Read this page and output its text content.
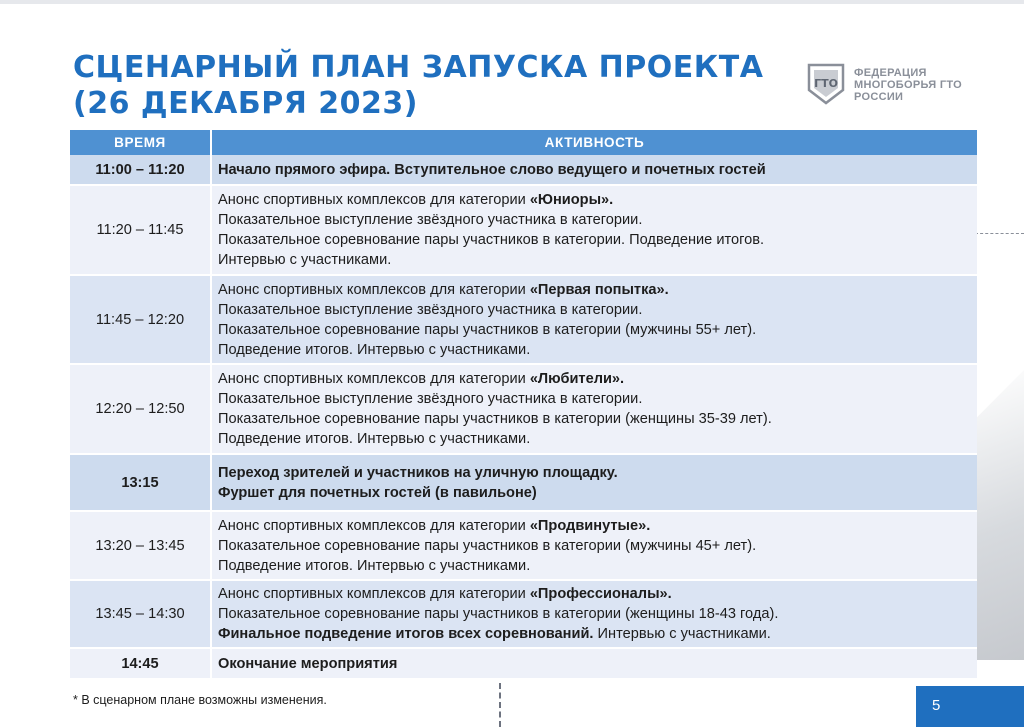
СЦЕНАРНЫЙ ПЛАН ЗАПУСКА ПРОЕКТА
(26 ДЕКАБРЯ 2023)
ГТО
ФЕДЕРАЦИЯ
МНОГОБОРЬЯ ГТО
РОССИИ
ВРЕМЯ	АКТИВНОСТЬ
11:00 – 11:20	Начало прямого эфира. Вступительное слово ведущего и почетных гостей

11:20 – 11:45	Анонс спортивных комплексов для категории «Юниоры».
Показательное выступление звёздного участника в категории.
Показательное соревнование пары участников в категории. Подведение итогов.
Интервью с участниками.

11:45 – 12:20	Анонс спортивных комплексов для категории «Первая попытка».
Показательное выступление звёздного участника в категории.
Показательное соревнование пары участников в категории (мужчины 55+ лет).
Подведение итогов. Интервью с участниками.

12:20 – 12:50	Анонс спортивных комплексов для категории «Любители».
Показательное выступление звёздного участника в категории.
Показательное соревнование пары участников в категории (женщины 35-39 лет).
Подведение итогов. Интервью с участниками.

13:15	Переход зрителей и участников на уличную площадку.
Фуршет для почетных гостей (в павильоне)

13:20 – 13:45	Анонс спортивных комплексов для категории «Продвинутые».
Показательное соревнование пары участников в категории (мужчины 45+ лет).
Подведение итогов. Интервью с участниками.

13:45 – 14:30	Анонс спортивных комплексов для категории «Профессионалы».
Показательное соревнование пары участников в категории (женщины 18-43 года).
Финальное подведение итогов всех соревнований. Интервью с участниками.

14:45	Окончание мероприятия
* В сценарном плане возможны изменения.	5
